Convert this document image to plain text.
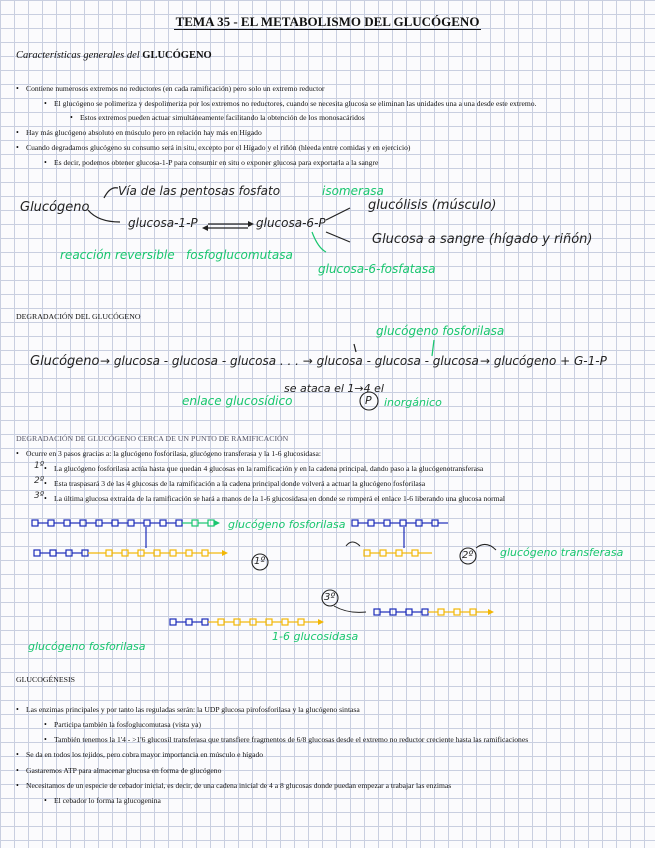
TEMA 35 - EL METABOLISMO DEL GLUCÓGENO
Características generales del GLUCÓGENO
• Contiene numerosos extremos no reductores (en cada ramificación) pero solo un extremo reductor
• El glucógeno se polimeriza y despolimeriza por los extremos no reductores, cuando se necesita glucosa se eliminan las unidades una a una desde este extremo.
• Estos extremos pueden actuar simultáneamente facilitando la obtención de los monosacáridos
• Hay más glucógeno absoluto en músculo pero en relación hay más en Hígado
• Cuando degradamos glucógeno su consumo será in situ, excepto por el Hígado y el riñón (hleeda entre comidas y en ejercicio)
• Es decir, podemos obtener glucosa-1-P para consumir en situ o exponer glucosa para exportarla a la sangre
Glucógeno
Vía de las pentosas fosfato
glucosa-1-P	glucosa-6-P
isomerasa
glucólisis (músculo)
Glucosa a sangre (hígado y riñón)
reacción reversible fosfoglucomutasa
glucosa-6-fosfatasa
DEGRADACIÓN DEL GLUCÓGENO
glucógeno fosforilasa
Glucógeno → glucosa - glucosa - glucosa . . . → glucosa - glucosa - glucosa → glucógeno + G-1-P
enlace glucosídico
se ataca el 1→4 el
P inorgánico
DEGRADACIÓN DE GLUCÓGENO CERCA DE UN PUNTO DE RAMIFICACIÓN
• Ocurre en 3 pasos gracias a: la glucógeno fosforilasa, glucógeno transferasa y la 1-6 glucosidasa:
1º • La glucógeno fosforilasa actúa hasta que quedan 4 glucosas en la ramificación y en la cadena principal, dando paso a la glucógenotransferasa
2º • Esta traspasará 3 de las 4 glucosas de la ramificación a la cadena principal donde volverá a actuar la glucógeno fosforilasa
3º • La última glucosa extraída de la ramificación se hará a manos de la 1-6 glucosidasa en donde se romperá el enlace 1-6 liberando una glucosa normal
glucógeno fosforilasa
1º
2º glucógeno transferasa
3º
glucógeno fosforilasa
1-6 glucosidasa
GLUCOGÉNESIS
• Las enzimas principales y por tanto las reguladas serán: la UDP glucosa pirofosforilasa y la glucógeno sintasa
• Participa también la fosfoglucomutasa (vista ya)
• También tenemos la 1'4 - >1'6 glucosil transferasa que transfiere fragmentos de 6/8 glucosas desde el extremo no reductor creciente hasta las ramificaciones
• Se da en todos los tejidos, pero cobra mayor importancia en músculo e hígado
• Gastaremos ATP para almacenar glucosa en forma de glucógeno
• Necesitamos de un especie de cebador inicial, es decir, de una cadena inicial de 4 a 8 glucosas donde puedan empezar a trabajar las enzimas
• El cebador lo forma la glucogenina
